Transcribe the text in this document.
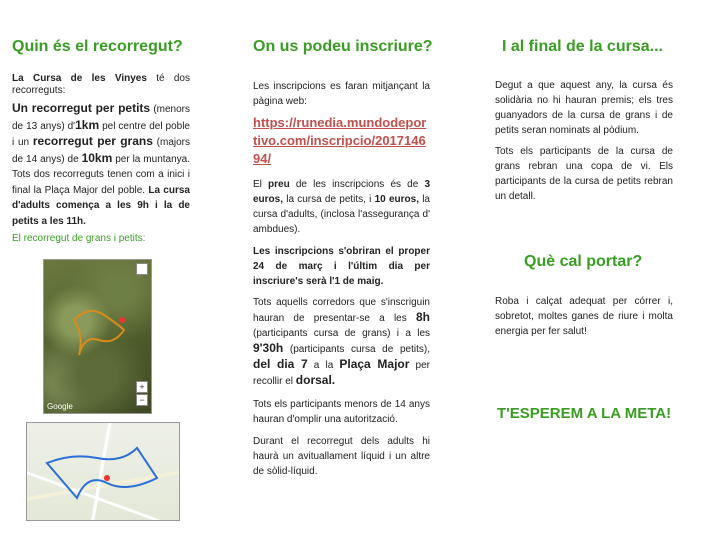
Quin és el recorregut?
La Cursa de les Vinyes té dos recorreguts:
Un recorregut per petits (menors de 13 anys) d'1km pel centre del poble i un recorregut per grans (majors de 14 anys) de 10km per la muntanya. Tots dos recorreguts tenen com a inici i final la Plaça Major del poble. La cursa d'adults comença a les 9h i la de petits a les 11h.
El recorregut de grans i petits:
+
−
Google
On us podeu inscriure?
Les inscripcions es faran mitjançant la pàgina web:
https://runedia.mundodeportivo.com/inscripcio/201714694/
El preu de les inscripcions és de 3 euros, la cursa de petits, i 10 euros, la cursa d'adults, (inclosa l'assegurança d' ambdues).
Les inscripcions s'obriran el proper 24 de març i l'últim dia per inscriure's serà l'1 de maig.
Tots aquells corredors que s'inscriguin hauran de presentar-se a les 8h (participants cursa de grans) i a les 9'30h (participants cursa de petits), del dia 7 a la Plaça Major per recollir el dorsal.
Tots els participants menors de 14 anys hauran d'omplir una autorització.
Durant el recorregut dels adults hi haurà un avituallament líquid i un altre de sòlid-líquid.
I al final de la cursa...
Degut a que aquest any, la cursa és solidària no hi hauran premis; els tres guanyadors de la cursa de grans i de petits seran nominats al pòdium.
Tots els participants de la cursa de grans rebran una copa de vi. Els participants de la cursa de petits rebran un detall.
Què cal portar?
Roba i calçat adequat per córrer i, sobretot, moltes ganes de riure i molta energia per fer salut!
T'ESPEREM A LA META!
